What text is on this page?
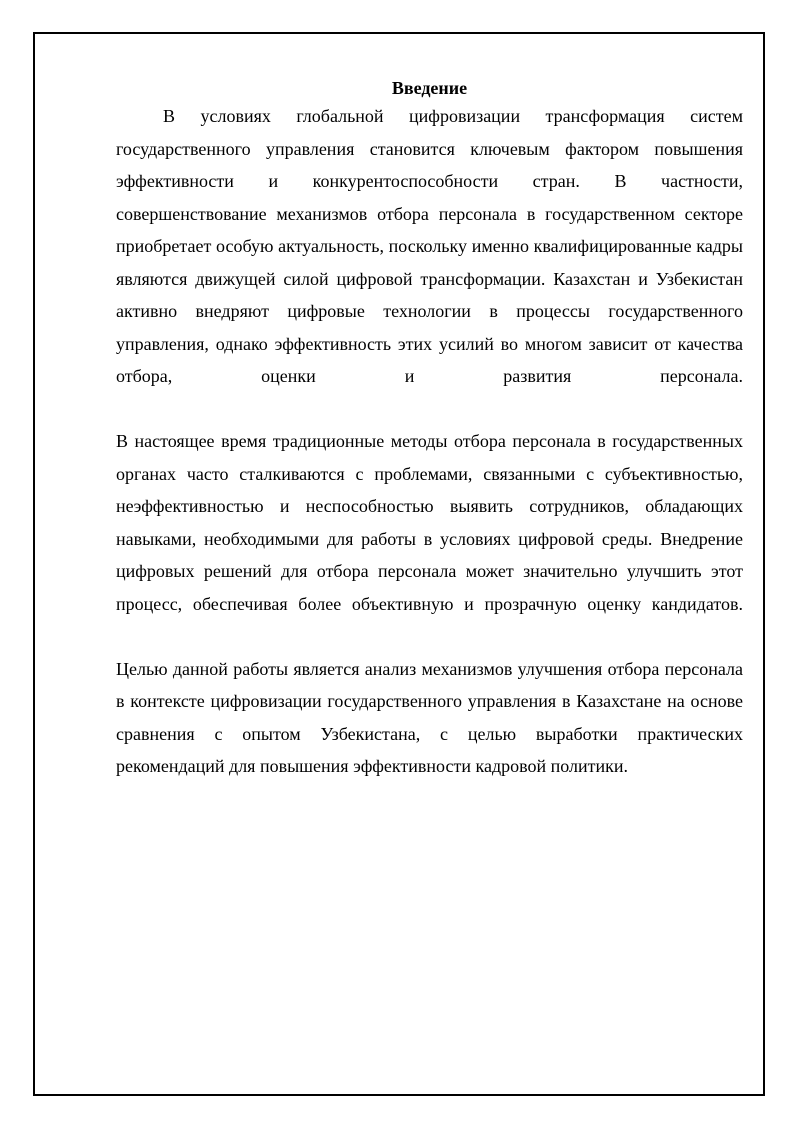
Введение

В условиях глобальной цифровизации трансформация систем государственного управления становится ключевым фактором повышения эффективности и конкурентоспособности стран. В частности, совершенствование механизмов отбора персонала в государственном секторе приобретает особую актуальность, поскольку именно квалифицированные кадры являются движущей силой цифровой трансформации. Казахстан и Узбекистан активно внедряют цифровые технологии в процессы государственного управления, однако эффективность этих усилий во многом зависит от качества отбора, оценки и развития персонала.

В настоящее время традиционные методы отбора персонала в государственных органах часто сталкиваются с проблемами, связанными с субъективностью, неэффективностью и неспособностью выявить сотрудников, обладающих навыками, необходимыми для работы в условиях цифровой среды. Внедрение цифровых решений для отбора персонала может значительно улучшить этот процесс, обеспечивая более объективную и прозрачную оценку кандидатов.

Целью данной работы является анализ механизмов улучшения отбора персонала в контексте цифровизации государственного управления в Казахстане на основе сравнения с опытом Узбекистана, с целью выработки практических рекомендаций для повышения эффективности кадровой политики.
